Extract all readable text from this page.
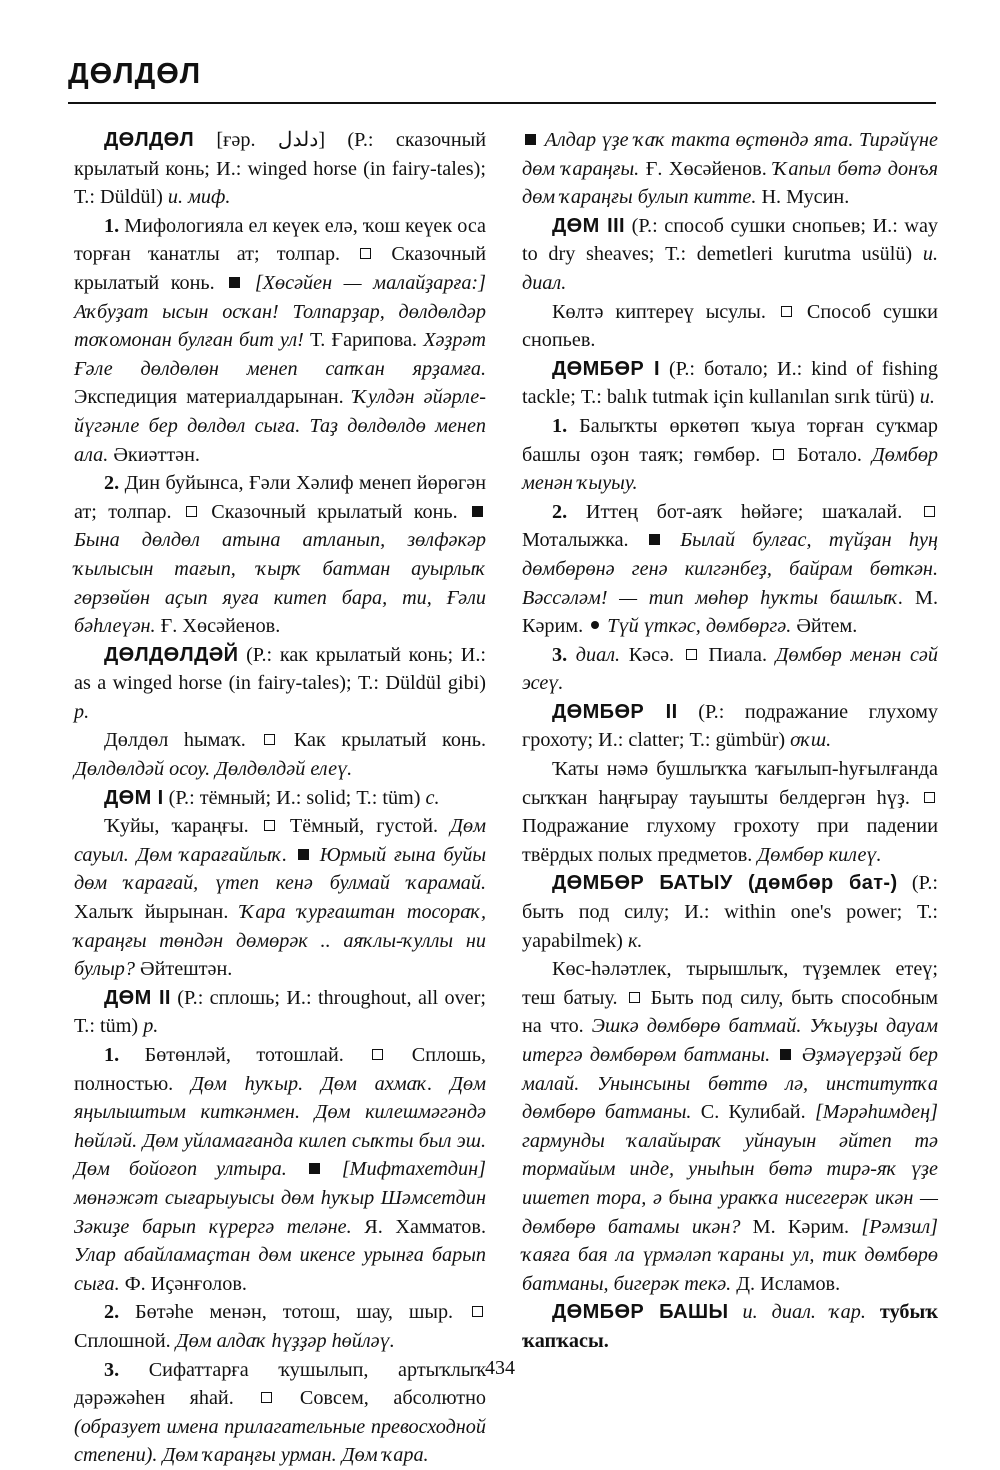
ДӨЛДӨЛ

ДӨЛДӨЛ [ғәр. دلدل] (Р.: сказочный крылатый конь; И.: winged horse (in fairy-tales); Т.: Düldül) и. миф.

1. Мифологияла ел кеүек елә, ҡош кеүек оса торған ҡанатлы ат; толпар.  Сказочный крылатый конь.  [Хөсәйен — малайҙарға:] Аҡбуҙат ысын осҡан! Толпарҙар, дөлдөлдәр тоҡомонан булған бит ул! Т. Ғарипова. Хәҙрәт Ғәле дөлдөлөн менеп сапҡан ярҙамға. Экспедиция материалдарынан. Ҡулдән әйәрле-йүгәнле бер дөлдөл сыға. Таҙ дөлдөлдө менеп ала. Әкиәттән.

2. Дин буйынса, Ғәли Хәлиф менеп йөрөгән ат; толпар.  Сказочный крылатый конь.  Бына дөлдөл атына атланып, зөлфәкәр ҡылысын тағып, ҡырҡ батман ауырлыҡ гөрзөйөн аҫып яуға китеп бара, ти, Ғәли бәһлеүән. Ғ. Хөсәйенов.

ДӨЛДӨЛДӘЙ (Р.: как крылатый конь; И.: as a winged horse (in fairy-tales); Т.: Düldül gibi) р.

Дөлдөл һымаҡ.  Как крылатый конь. Дөлдөлдәй осоу. Дөлдөлдәй елеү.

ДӨМ I (Р.: тёмный; И.: solid; Т.: tüm) с.

Ҡуйы, ҡараңғы.  Тёмный, густой. Дөм сауыл. Дөм ҡарағайлыҡ. Юрмый ғына буйы дөм ҡарағай, үтеп кенә булмай ҡарамай. Халыҡ йырынан. Ҡара ҡурғаштан тосораҡ, ҡараңғы төндән дөмөрәк .. аяҡлы-ҡуллы ни булыр? Әйтештән.

ДӨМ II (Р.: сплошь; И.: throughout, all over; Т.: tüm) р.

1. Бөтөнләй, тотошлай.  Сплошь, полностью. Дөм һуҡыр. Дөм ахмаҡ. Дөм яңылыштым киткәнмен. Дөм килешмәгәндә һөйләй. Дөм уйламағанда килеп сыҡты был эш. Дөм бойоғоп ултыра.	[Мифтахетдин] мөнәжәт сығарыуысы дөм һуҡыр Шәмсетдин Зәкиҙе барып күрергә теләне. Я. Хамматов. Улар абайламаҫтан дөм икенсе урынға барып сыға. Ф. Иҫәнғолов.

2. Бөтәһе менән, тотош, шау, шыр.  Сплошной. Дөм алдаҡ һүҙҙәр һөйләү.

3. Сифаттарға ҡушылып, артыҡлыҡ дәрәжәһен яһай.  Совсем, абсолютно (образует имена прилагательные превосходной степени). Дөм ҡараңғы урман. Дөм ҡара.

Алдар үҙе ҡаҡ такта өҫтөндә ята. Тирәйүне дөм ҡараңғы. Ғ. Хөсәйенов. Ҡапыл бөтә донъя дөм ҡараңғы булып китте. Н. Мусин.

ДӨМ III (Р.: способ сушки снопьев; И.: way to dry sheaves; Т.: demetleri kurutma usülü) и. диал.

Көлтә киптереү ысулы.  Способ сушки снопьев.

ДӨМБӨР I (Р.: ботало; И.: kind of fishing tackle; Т.: balık tutmak için kullanılan sırık türü) и.

1. Балыҡты өркөтөп ҡыуа торған суҡмар башлы оҙон таяҡ; гөмбөр.  Ботало. Дөмбөр менән ҡыуыу.

2. Иттең бот-аяҡ һөйәге; шаҡалай.  Моталыжка.  Былай булғас, түйҙан һуң дөмбөрөнә генә килгәнбеҙ, байрам бөткән. Вәссәләм! — тип мөһөр һуҡты башлыҡ. М. Кәрим.  Түй үткәс, дөмбөргә. Әйтем.

3. диал. Кәсә.  Пиала. Дөмбөр менән сәй эсеү.

ДӨМБӨР II (Р.: подражание глухому грохоту; И.: clatter; Т.: gümbür) оҡш.

Ҡаты нәмә бушлыҡҡа ҡағылып-һуғылғанда сыҡҡан һаңғырау тауышты белдергән һүҙ.  Подражание глухому грохоту при падении твёрдых полых предметов. Дөмбөр килеү.

ДӨМБӨР БАТЫУ (дөмбөр бат-) (Р.: быть под силу; И.: within one's power; Т.: yapabilmek) к.

Көс-һәләтлек, тырышлыҡ, түҙемлек етеү; теш батыу.  Быть под силу, быть способным на что. Эшкә дөмбөрө батмай. Уҡыуҙы дауам итергә дөмбөрөм батманы. Әҙмәүерҙәй бер малай. Унынсыны бөттө лә, институтҡа дөмбөрө батманы. С. Кулибай. [Мәрәһимдең] гармунды ҡалайыраҡ уйнауын әйтеп тә тормайым инде, уныһын бөтә тирә-яҡ үҙе ишетеп тора, ә бына уракҡа нисегерәк икән — дөмбөрө батамы икән? М. Кәрим. [Рәмзил] ҡаяға бая ла үрмәләп ҡараны ул, тик дөмбөрө батманы, бигерәк текә. Д. Исламов.

ДӨМБӨР БАШЫ и. диал. ҡар. тубыҡ ҡапҡасы.

434
